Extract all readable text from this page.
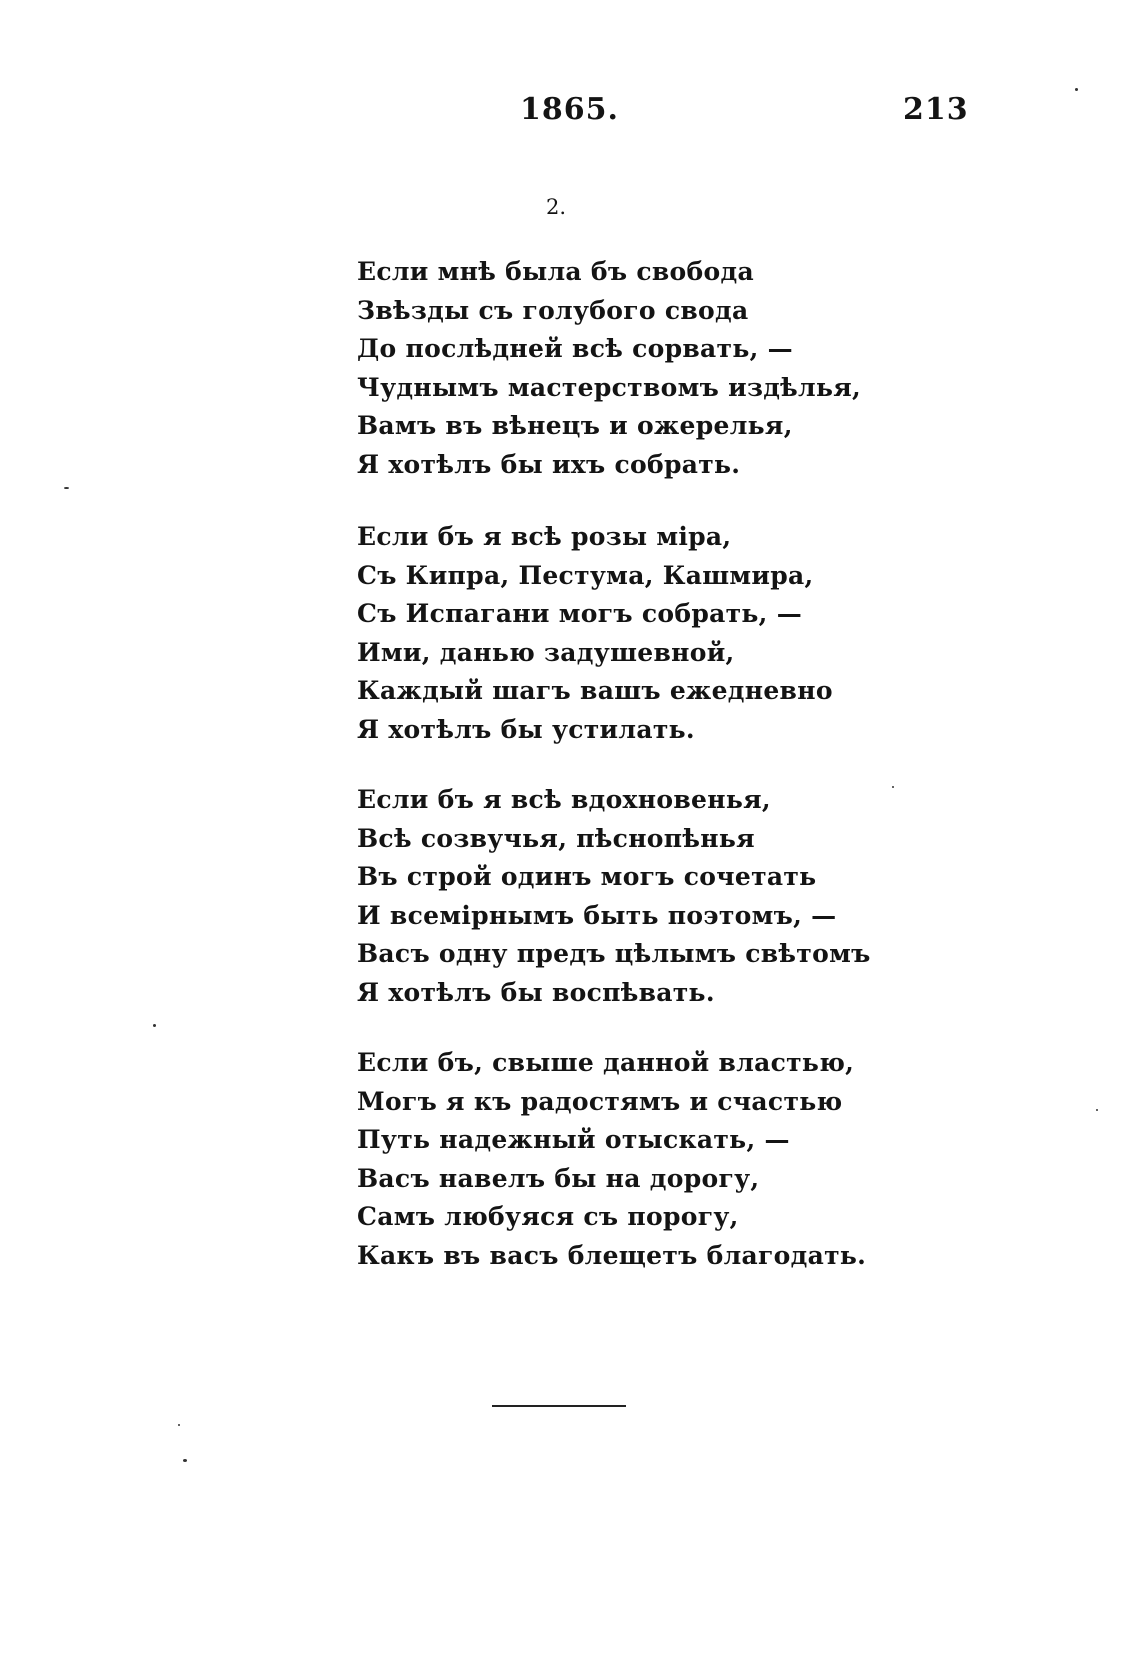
1865.	213
2.
Если мнѣ была бъ свобода
Звѣзды съ голубого свода
До послѣдней всѣ сорвать, —
Чуднымъ мастерствомъ издѣлья,
Вамъ въ вѣнецъ и ожерелья,
Я хотѣлъ бы ихъ собрать.
Если бъ я всѣ розы міра,
Съ Кипра, Пестума, Кашмира,
Съ Испагани могъ собрать, —
Ими, данью задушевной,
Каждый шагъ вашъ ежедневно
Я хотѣлъ бы устилать.
Если бъ я всѣ вдохновенья,
Всѣ созвучья, пѣснопѣнья
Въ строй одинъ могъ сочетать
И всемірнымъ быть поэтомъ, —
Васъ одну предъ цѣлымъ свѣтомъ
Я хотѣлъ бы воспѣвать.
Если бъ, свыше данной властью,
Могъ я къ радостямъ и счастью
Путь надежный отыскать, —
Васъ навелъ бы на дорогу,
Самъ любуяся съ порогу,
Какъ въ васъ блещетъ благодать.
